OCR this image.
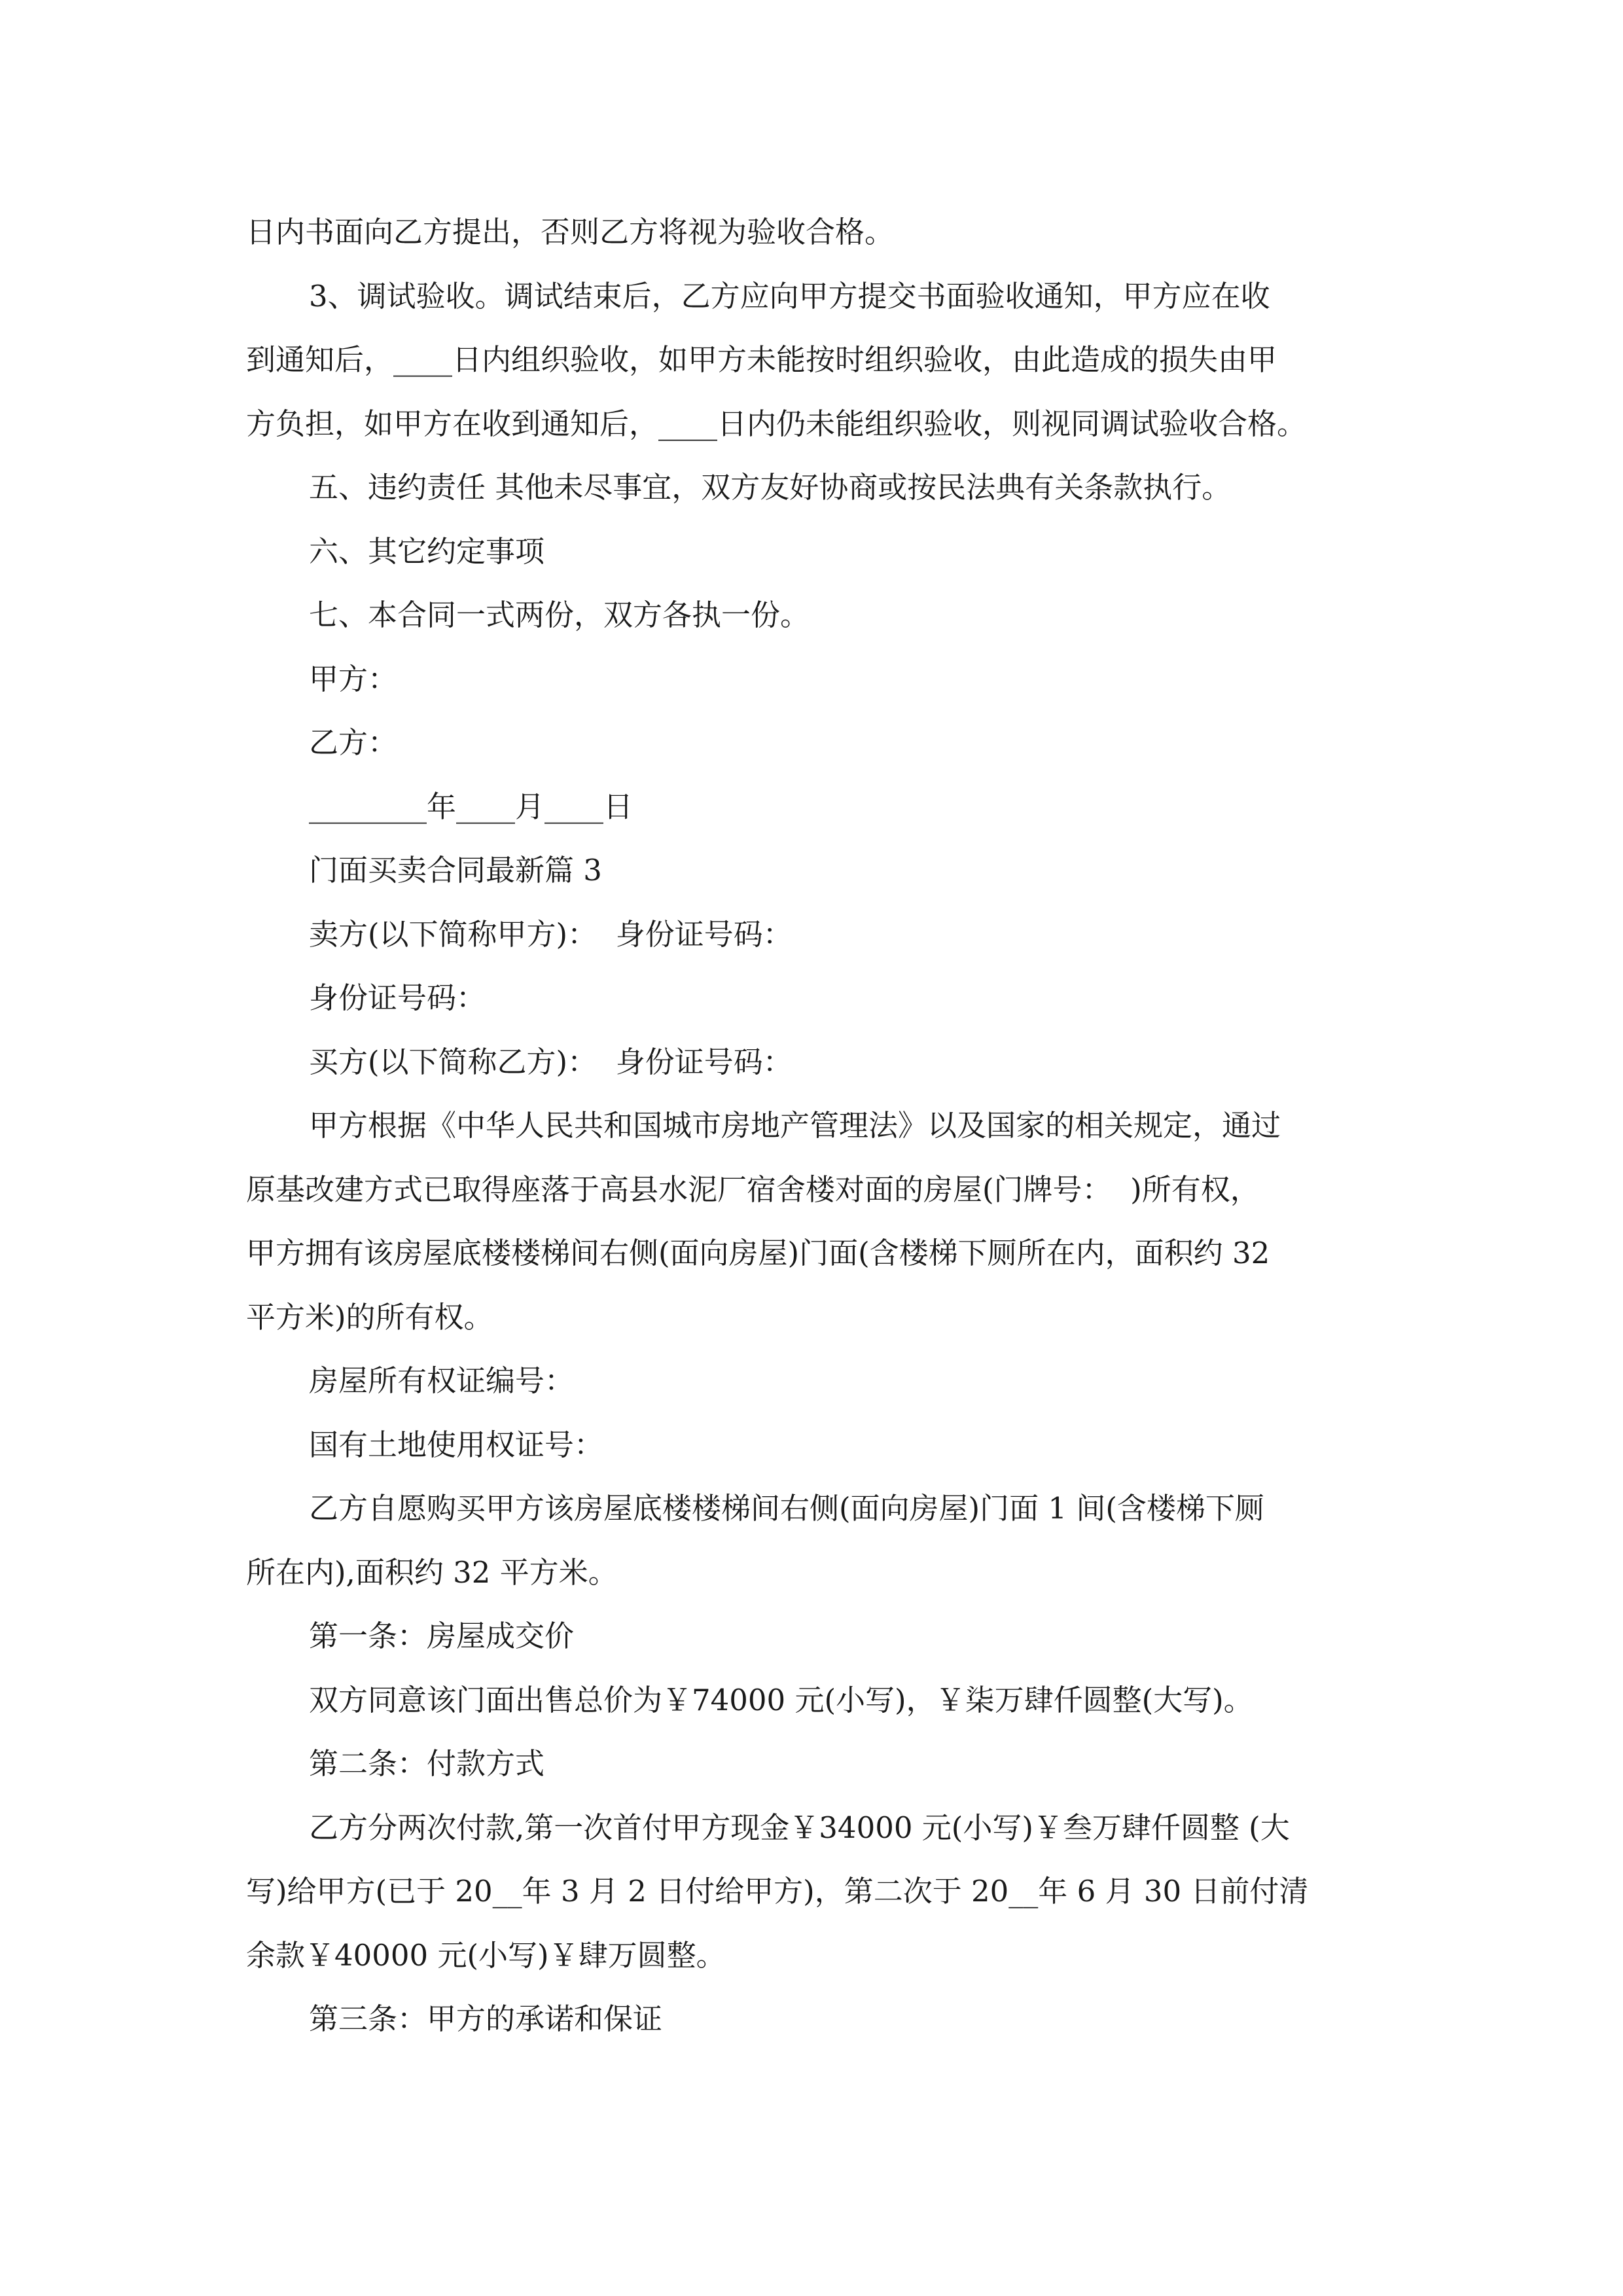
日内书面向乙方提出，否则乙方将视为验收合格。
3、调试验收。调试结束后，乙方应向甲方提交书面验收通知，甲方应在收
到通知后，____日内组织验收，如甲方未能按时组织验收，由此造成的损失由甲
方负担，如甲方在收到通知后，____日内仍未能组织验收，则视同调试验收合格。
五、违约责任 其他未尽事宜，双方友好协商或按民法典有关条款执行。
六、其它约定事项
七、本合同一式两份，双方各执一份。
甲方：
乙方：
________年____月____日
门面买卖合同最新篇 3
卖方(以下简称甲方)：  身份证号码：
身份证号码：
买方(以下简称乙方)：  身份证号码：
甲方根据《中华人民共和国城市房地产管理法》以及国家的相关规定，通过
原基改建方式已取得座落于高县水泥厂宿舍楼对面的房屋(门牌号：  )所有权，
甲方拥有该房屋底楼楼梯间右侧(面向房屋)门面(含楼梯下厕所在内，面积约 32
平方米)的所有权。
房屋所有权证编号：
国有土地使用权证号：
乙方自愿购买甲方该房屋底楼楼梯间右侧(面向房屋)门面 1 间(含楼梯下厕
所在内),面积约 32 平方米。
第一条：房屋成交价
双方同意该门面出售总价为￥74000 元(小写)，￥柒万肆仟圆整(大写)。
第二条：付款方式
乙方分两次付款,第一次首付甲方现金￥34000 元(小写)￥叁万肆仟圆整 (大
写)给甲方(已于 20__年 3 月 2 日付给甲方)，第二次于 20__年 6 月 30 日前付清
余款￥40000 元(小写)￥肆万圆整。
第三条：甲方的承诺和保证
